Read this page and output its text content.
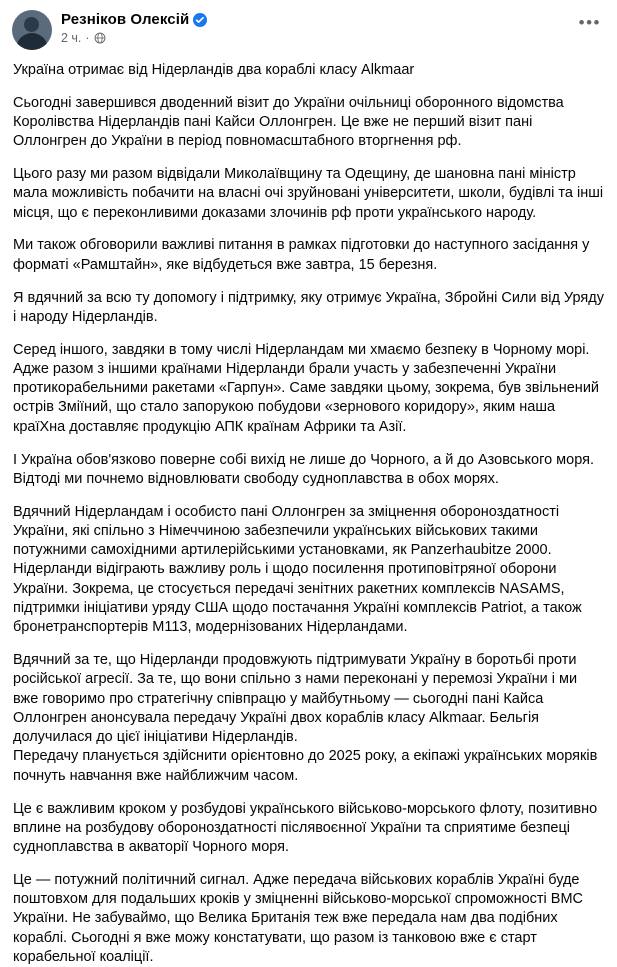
Резніков Олексій
2 ч. ·
•••

Україна отримає від Нідерландів два кораблі класу Alkmaar

Сьогодні завершився дводенний візит до України очільниці оборонного відомства Королівства Нідерландів пані Кайси Оллонгрен. Це вже не перший візит пані Оллонгрен до України в період повномасштабного вторгнення рф.

Цього разу ми разом відвідали Миколаївщину та Одещину, де шановна пані міністр мала можливість побачити на власні очі зруйновані університети, школи, будівлі та інші місця, що є переконливими доказами злочинів рф проти українського народу.

Ми також обговорили важливі питання в рамках підготовки до наступного засідання у форматі «Рамштайн», яке відбудеться вже завтра, 15 березня.

Я вдячний за всю ту допомогу і підтримку, яку отримує Україна, Збройні Сили від Уряду і народу Нідерландів.

Серед іншого, завдяки в тому числі Нідерландам ми хмаємо безпеку в Чорному морі. Адже разом з іншими країнами Нідерланди брали участь у забезпеченні України протикорабельними ракетами «Гарпун». Саме завдяки цьому, зокрема, був звільнений острів Зміїний, що стало запорукою побудови «зернового коридору», яким наша країХна доставляє продукцію АПК країнам Африки та Азії.

І Україна обов'язково поверне собі вихід не лише до Чорного, а й до Азовського моря. Відтоді ми почнемо відновлювати свободу судноплавства в обох морях.

Вдячний Нідерландам і особисто пані Оллонгрен за зміцнення обороноздатності України, які спільно з Німеччиною забезпечили українських військових такими потужними самохідними артилерійськими установками, як Panzerhaubitze 2000. Нідерланди відіграють важливу роль і щодо посилення протиповітряної оборони України. Зокрема, це стосується передачі зенітних ракетних комплексів NASAMS, підтримки ініціативи уряду США щодо постачання Україні комплексів Patriot, а також бронетранспортерів М113, модернізованих Нідерландами.

Вдячний за те, що Нідерланди продовжують підтримувати Україну в боротьбі проти російської агресії. За те, що вони спільно з нами переконані у перемозі України і ми вже говоримо про стратегічну співпрацю у майбутньому — сьогодні пані Кайса Оллонгрен анонсувала передачу Україні двох кораблів класу Alkmaar. Бельгія долучилася до цієї ініціативи Нідерландів.

Передачу планується здійснити орієнтовно до 2025 року, а екіпажі українських моряків почнуть навчання вже найближчим часом.

Це є важливим кроком у розбудові українського військово-морського флоту, позитивно вплине на розбудову обороноздатності післявоєнної України та сприятиме безпеці судноплавства в акваторії Чорного моря.

Це — потужний політичний сигнал. Адже передача військових кораблів Україні буде поштовхом для подальших кроків у зміцненні військово-морської спроможності ВМС України. Не забуваймо, що Велика Британія теж вже передала нам два подібних кораблі. Сьогодні я вже можу констатувати, що разом із танковою вже є старт корабельної коаліції.
